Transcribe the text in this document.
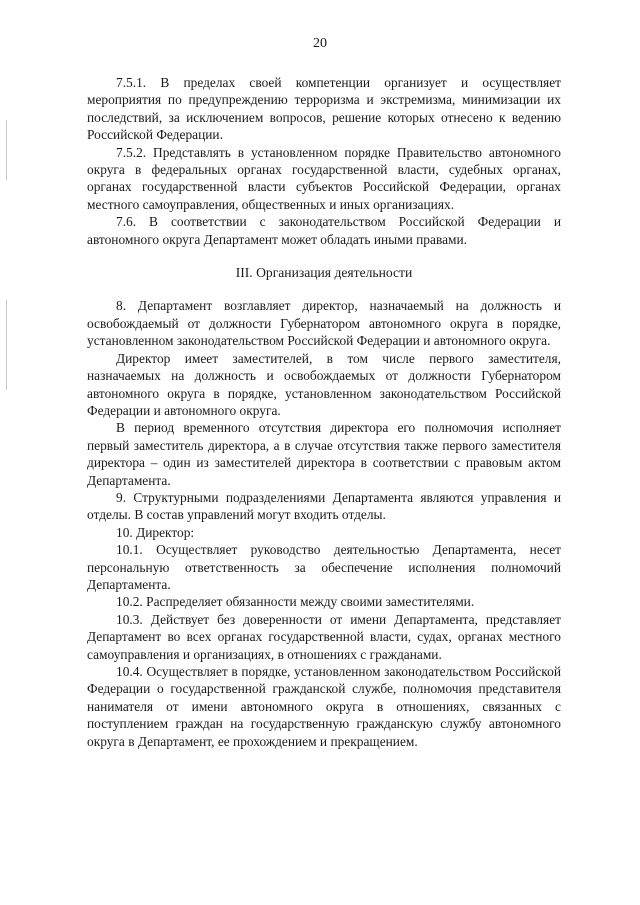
20

7.5.1. В пределах своей компетенции организует и осуществляет мероприятия по предупреждению терроризма и экстремизма, минимизации их последствий, за исключением вопросов, решение которых отнесено к ведению Российской Федерации.

7.5.2. Представлять в установленном порядке Правительство автономного округа в федеральных органах государственной власти, судебных органах, органах государственной власти субъектов Российской Федерации, органах местного самоуправления, общественных и иных организациях.

7.6. В соответствии с законодательством Российской Федерации и автономного округа Департамент может обладать иными правами.

III. Организация деятельности

8. Департамент возглавляет директор, назначаемый на должность и освобождаемый от должности Губернатором автономного округа в порядке, установленном законодательством Российской Федерации и автономного округа.

Директор имеет заместителей, в том числе первого заместителя, назначаемых на должность и освобождаемых от должности Губернатором автономного округа в порядке, установленном законодательством Российской Федерации и автономного округа.

В период временного отсутствия директора его полномочия исполняет первый заместитель директора, а в случае отсутствия также первого заместителя директора – один из заместителей директора в соответствии с правовым актом Департамента.

9. Структурными подразделениями Департамента являются управления и отделы. В состав управлений могут входить отделы.

10. Директор:

10.1. Осуществляет руководство деятельностью Департамента, несет персональную ответственность за обеспечение исполнения полномочий Департамента.

10.2. Распределяет обязанности между своими заместителями.

10.3. Действует без доверенности от имени Департамента, представляет Департамент во всех органах государственной власти, судах, органах местного самоуправления и организациях, в отношениях с гражданами.

10.4. Осуществляет в порядке, установленном законодательством Российской Федерации о государственной гражданской службе, полномочия представителя нанимателя от имени автономного округа в отношениях, связанных с поступлением граждан на государственную гражданскую службу автономного округа в Департамент, ее прохождением и прекращением.
